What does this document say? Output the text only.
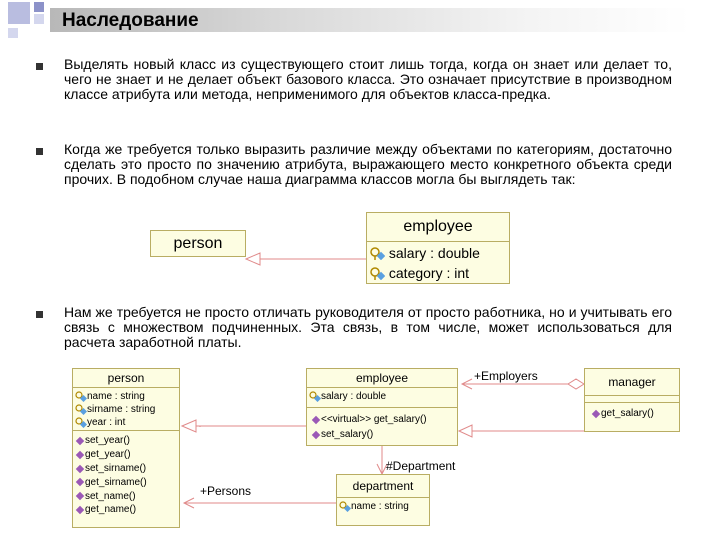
Наследование
Выделять новый класс из существующего стоит лишь тогда, когда он знает или делает то, чего не знает и не делает объект базового класса. Это означает присутствие в производном классе атрибута или метода, неприменимого для объектов класса-предка.
Когда же требуется только выразить различие между объектами по категориям, достаточно сделать это просто по значению атрибута, выражающего место конкретного объекта среди прочих. В подобном случае наша диаграмма классов могла бы выглядеть так:
Нам же требуется не просто отличать руководителя от просто работника, но и учитывать его связь с множеством подчиненных. Эта связь, в том числе, может использоваться для расчета заработной платы.
person
employee
salary : double
category : int
person
name : string
sirname : string
year : int
set_year()
get_year()
set_sirname()
get_sirname()
set_name()
get_name()
employee
salary : double
<<virtual>> get_salary()
set_salary()
manager
get_salary()
department
name : string
+Employers
#Department
+Persons
